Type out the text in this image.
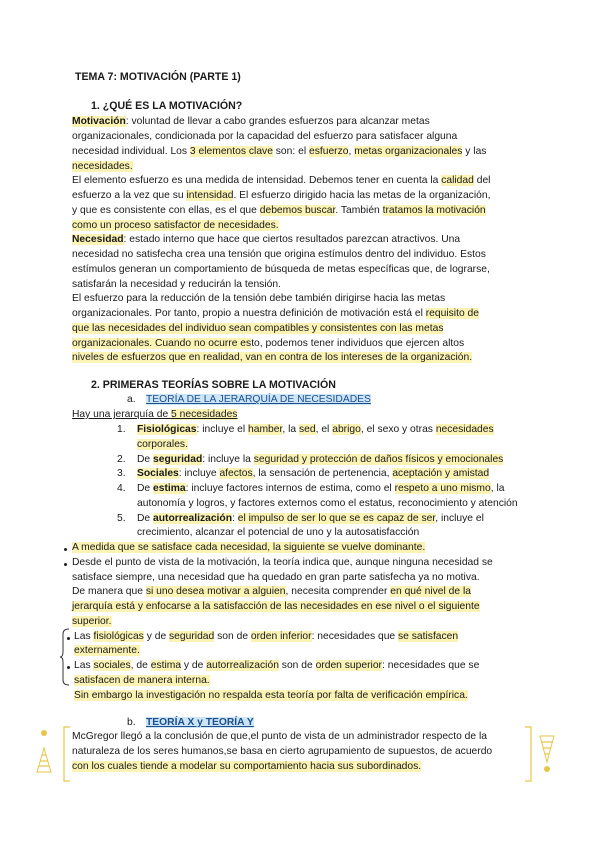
TEMA 7: MOTIVACIÓN (PARTE 1)
1. ¿QUÉ ES LA MOTIVACIÓN?
Motivación: voluntad de llevar a cabo grandes esfuerzos para alcanzar metas
organizacionales, condicionada por la capacidad del esfuerzo para satisfacer alguna
necesidad individual. Los 3 elementos clave son: el esfuerzo, metas organizacionales y las
necesidades.
El elemento esfuerzo es una medida de intensidad. Debemos tener en cuenta la calidad del
esfuerzo a la vez que su intensidad. El esfuerzo dirigido hacia las metas de la organización,
y que es consistente con ellas, es el que debemos buscar. También tratamos la motivación
como un proceso satisfactor de necesidades.
Necesidad: estado interno que hace que ciertos resultados parezcan atractivos. Una
necesidad no satisfecha crea una tensión que origina estímulos dentro del individuo. Estos
estímulos generan un comportamiento de búsqueda de metas específicas que, de lograrse,
satisfarán la necesidad y reducirán la tensión.
El esfuerzo para la reducción de la tensión debe también dirigirse hacia las metas
organizacionales. Por tanto, propio a nuestra definición de motivación está el requisito de
que las necesidades del individuo sean compatibles y consistentes con las metas
organizacionales. Cuando no ocurre esto, podemos tener individuos que ejercen altos
niveles de esfuerzos que en realidad, van en contra de los intereses de la organización.
2. PRIMERAS TEORÍAS SOBRE LA MOTIVACIÓN
a. TEORÍA DE LA JERARQUÍA DE NECESIDADES
Hay una jerarquía de 5 necesidades
1. Fisiológicas: incluye el hamber, la sed, el abrigo, el sexo y otras necesidades
corporales.
2. De seguridad: incluye la seguridad y protección de daños físicos y emocionales
3. Sociales: incluye afectos, la sensación de pertenencia, aceptación y amistad
4. De estima: incluye factores internos de estima, como el respeto a uno mismo, la
autonomía y logros, y factores externos como el estatus, reconocimiento y atención
5. De autorrealización: el impulso de ser lo que se es capaz de ser, incluye el
crecimiento, alcanzar el potencial de uno y la autosatisfacción
A medida que se satisface cada necesidad, la siguiente se vuelve dominante.
Desde el punto de vista de la motivación, la teoría indica que, aunque ninguna necesidad se
satisface siempre, una necesidad que ha quedado en gran parte satisfecha ya no motiva.
De manera que si uno desea motivar a alguien, necesita comprender en qué nivel de la
jerarquía está y enfocarse a la satisfacción de las necesidades en ese nivel o el siguiente
superior.
Las fisiológicas y de seguridad son de orden inferior: necesidades que se satisfacen
externamente.
Las sociales, de estima y de autorrealización son de orden superior: necesidades que se
satisfacen de manera interna.
Sin embargo la investigación no respalda esta teoría por falta de verificación empírica.
b. TEORÍA X y TEORÍA Y
McGregor llegó a la conclusión de que,el punto de vista de un administrador respecto de la
naturaleza de los seres humanos,se basa en cierto agrupamiento de supuestos, de acuerdo
con los cuales tiende a modelar su comportamiento hacia sus subordinados.
